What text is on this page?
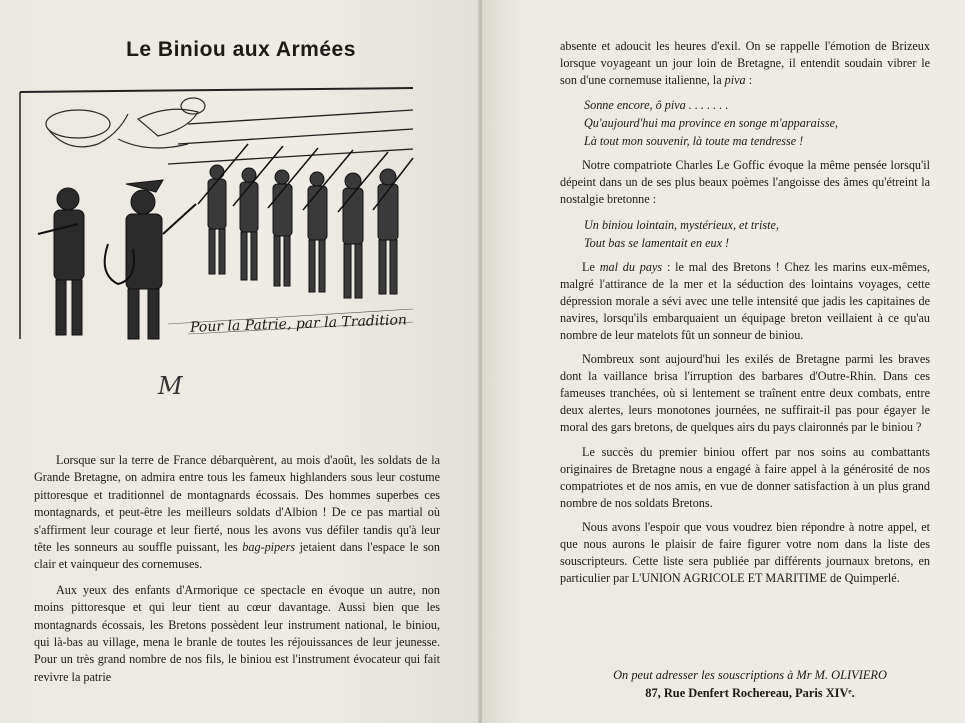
Le Biniou aux Armées
Pour la Patrie, par la Tradition
M

Lorsque sur la terre de France débarquèrent, au mois d'août, les soldats de la Grande Bretagne, on admira entre tous les fameux highlanders sous leur costume pittoresque et traditionnel de montagnards écossais. Des hommes superbes ces montagnards, et peut-être les meilleurs soldats d'Albion ! De ce pas martial où s'affirment leur courage et leur fierté, nous les avons vus défiler tandis qu'à leur tête les sonneurs au souffle puissant, les bag-pipers jetaient dans l'espace le son clair et vainqueur des cornemuses.

Aux yeux des enfants d'Armorique ce spectacle en évoque un autre, non moins pittoresque et qui leur tient au cœur davantage. Aussi bien que les montagnards écossais, les Bretons possèdent leur instrument national, le biniou, qui là-bas au village, mena le branle de toutes les réjouissances de leur jeunesse. Pour un très grand nombre de nos fils, le biniou est l'instrument évocateur qui fait revivre la patrie

absente et adoucit les heures d'exil. On se rappelle l'émotion de Brizeux lorsque voyageant un jour loin de Bretagne, il entendit soudain vibrer le son d'une cornemuse italienne, la piva :

Sonne encore, ô piva . . . . . . .
Qu'aujourd'hui ma province en songe m'apparaisse,
Là tout mon souvenir, là toute ma tendresse !

Notre compatriote Charles Le Goffic évoque la même pensée lorsqu'il dépeint dans un de ses plus beaux poèmes l'angoisse des âmes qu'étreint la nostalgie bretonne :

Un biniou lointain, mystérieux, et triste,
Tout bas se lamentait en eux !

Le mal du pays : le mal des Bretons ! Chez les marins eux-mêmes, malgré l'attirance de la mer et la séduction des lointains voyages, cette dépression morale a sévi avec une telle intensité que jadis les capitaines de navires, lorsqu'ils embarquaient un équipage breton veillaient à ce qu'au nombre de leur matelots fût un sonneur de biniou.

Nombreux sont aujourd'hui les exilés de Bretagne parmi les braves dont la vaillance brisa l'irruption des barbares d'Outre-Rhin. Dans ces fameuses tranchées, où si lentement se traînent entre deux combats, entre deux alertes, leurs monotones journées, ne suffirait-il pas pour égayer le moral des gars bretons, de quelques airs du pays claironnés par le biniou ?

Le succès du premier biniou offert par nos soins au combattants originaires de Bretagne nous a engagé à faire appel à la générosité de nos compatriotes et de nos amis, en vue de donner satisfaction à un plus grand nombre de nos soldats Bretons.

Nous avons l'espoir que vous voudrez bien répondre à notre appel, et que nous aurons le plaisir de faire figurer votre nom dans la liste des souscripteurs. Cette liste sera publiée par différents journaux bretons, en particulier par L'UNION AGRICOLE ET MARITIME de Quimperlé.

On peut adresser les souscriptions à Mr M. OLIVIERO
87, Rue Denfert Rochereau, Paris XIVᵉ.
